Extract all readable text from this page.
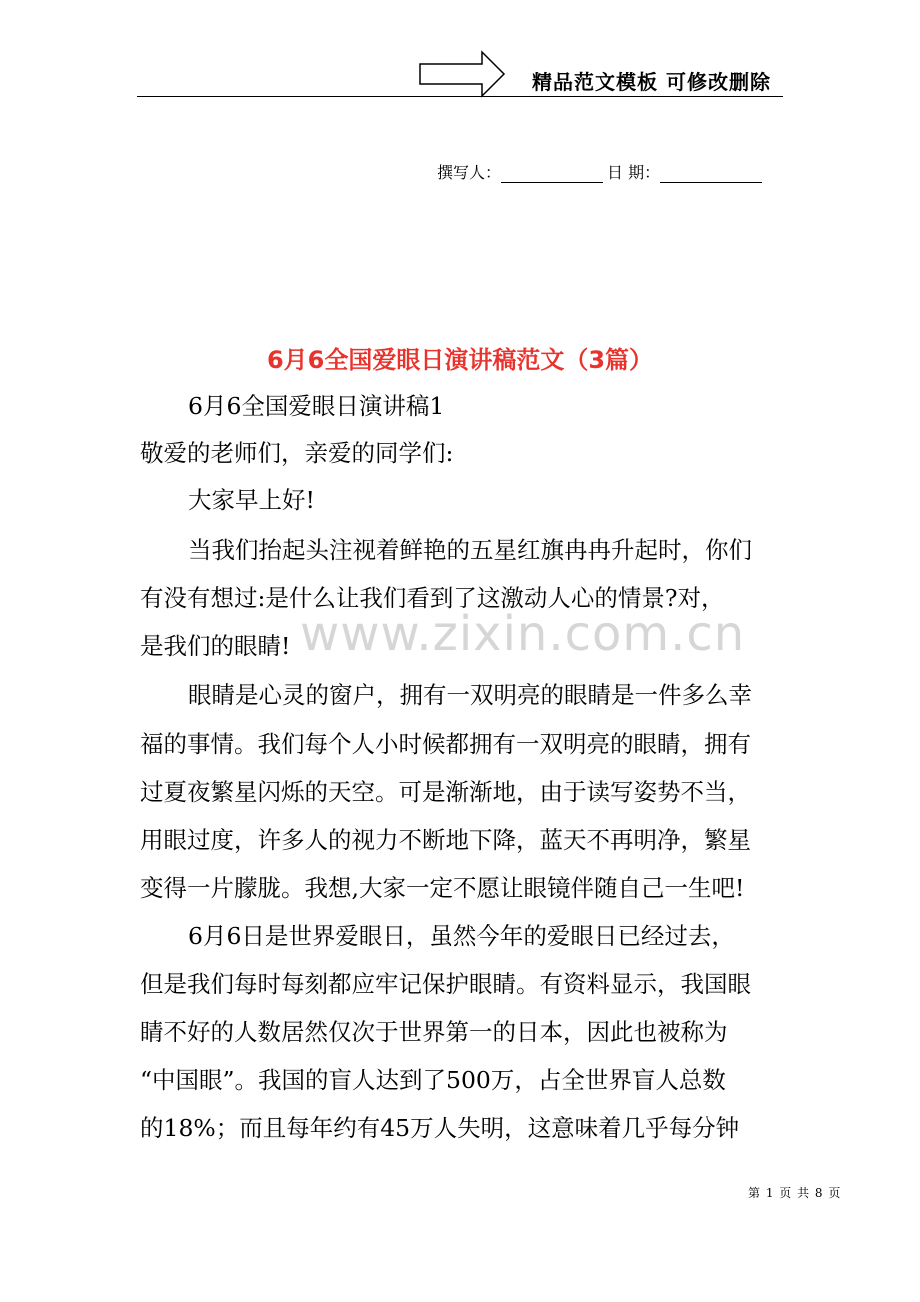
精品范文模板 可修改删除
撰写人：	日 期：
6月6全国爱眼日演讲稿范文（3篇）
www.zixin.com.cn
6月6全国爱眼日演讲稿1
敬爱的老师们，亲爱的同学们:
大家早上好!
当我们抬起头注视着鲜艳的五星红旗冉冉升起时，你们
有没有想过:是什么让我们看到了这激动人心的情景?对，
是我们的眼睛!
眼睛是心灵的窗户，拥有一双明亮的眼睛是一件多么幸
福的事情。我们每个人小时候都拥有一双明亮的眼睛，拥有
过夏夜繁星闪烁的天空。可是渐渐地，由于读写姿势不当，
用眼过度，许多人的视力不断地下降，蓝天不再明净，繁星
变得一片朦胧。我想,大家一定不愿让眼镜伴随自己一生吧!
6月6日是世界爱眼日，虽然今年的爱眼日已经过去，
但是我们每时每刻都应牢记保护眼睛。有资料显示，我国眼
睛不好的人数居然仅次于世界第一的日本，因此也被称为
“中国眼”。我国的盲人达到了500万，占全世界盲人总数
的18%；而且每年约有45万人失明，这意味着几乎每分钟
第 1 页 共 8 页
